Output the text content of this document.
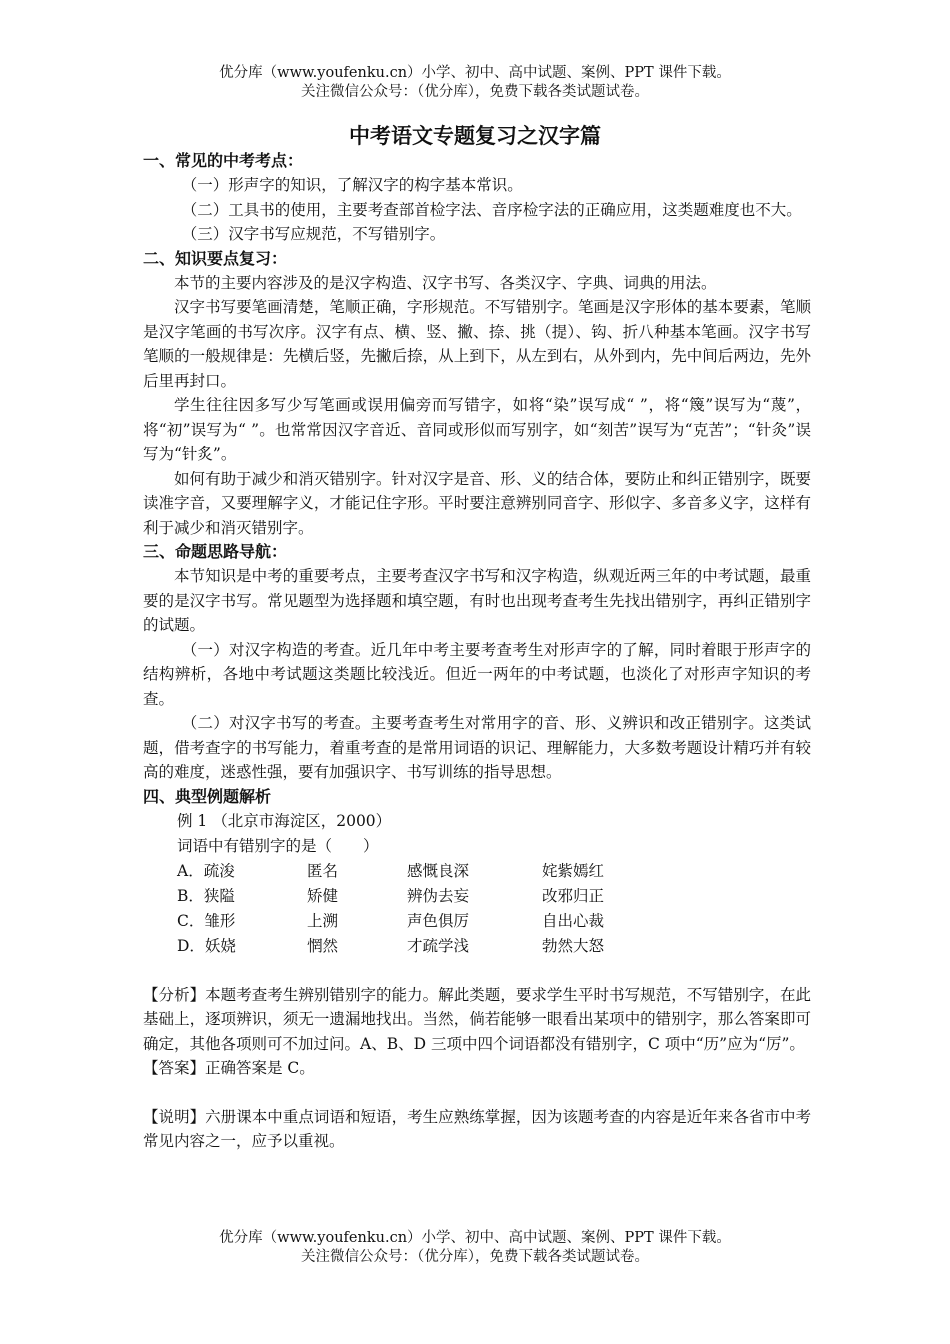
优分库（www.youfenku.cn）小学、初中、高中试题、案例、PPT 课件下载。

关注微信公众号：（优分库），免费下载各类试题试卷。

中考语文专题复习之汉字篇

一、常见的中考考点：

（一）形声字的知识，了解汉字的构字基本常识。

（二）工具书的使用，主要考查部首检字法、音序检字法的正确应用，这类题难度也不大。

（三）汉字书写应规范，不写错别字。

二、知识要点复习：

本节的主要内容涉及的是汉字构造、汉字书写、各类汉字、字典、词典的用法。

汉字书写要笔画清楚，笔顺正确，字形规范。不写错别字。笔画是汉字形体的基本要素，笔顺是汉字笔画的书写次序。汉字有点、横、竖、撇、捺、挑（提）、钩、折八种基本笔画。汉字书写笔顺的一般规律是：先横后竖，先撇后捺，从上到下，从左到右，从外到内，先中间后两边，先外后里再封口。

学生往往因多写少写笔画或误用偏旁而写错字，如将“染”误写成“ ”，将“篾”误写为“蔑”，将“初”误写为“ ”。也常常因汉字音近、音同或形似而写别字，如“刻苦”误写为“克苦”；“针灸”误写为“针炙”。

如何有助于减少和消灭错别字。针对汉字是音、形、义的结合体，要防止和纠正错别字，既要读准字音，又要理解字义，才能记住字形。平时要注意辨别同音字、形似字、多音多义字，这样有利于减少和消灭错别字。

三、命题思路导航：

本节知识是中考的重要考点，主要考查汉字书写和汉字构造，纵观近两三年的中考试题，最重要的是汉字书写。常见题型为选择题和填空题，有时也出现考查考生先找出错别字，再纠正错别字的试题。

（一）对汉字构造的考查。近几年中考主要考查考生对形声字的了解，同时着眼于形声字的结构辨析，各地中考试题这类题比较浅近。但近一两年的中考试题，也淡化了对形声字知识的考查。

（二）对汉字书写的考查。主要考查考生对常用字的音、形、义辨识和改正错别字。这类试题，借考查字的书写能力，着重考查的是常用词语的识记、理解能力，大多数考题设计精巧并有较高的难度，迷惑性强，要有加强识字、书写训练的指导思想。

四、典型例题解析

例 1 （北京市海淀区，2000）

词语中有错别字的是（　　）

A．疏浚	匿名	感慨良深	姹紫嫣红
B．狭隘	矫健	辨伪去妄	改邪归正
C．雏形	上溯	声色俱厉	自出心裁
D．妖娆	惘然	才疏学浅	勃然大怒

【分析】本题考查考生辨别错别字的能力。解此类题，要求学生平时书写规范，不写错别字，在此基础上，逐项辨识，须无一遗漏地找出。当然，倘若能够一眼看出某项中的错别字，那么答案即可确定，其他各项则可不加过问。A、B、D 三项中四个词语都没有错别字，C 项中“历”应为“厉”。

【答案】正确答案是 C。

【说明】六册课本中重点词语和短语，考生应熟练掌握，因为该题考查的内容是近年来各省市中考常见内容之一，应予以重视。

优分库（www.youfenku.cn）小学、初中、高中试题、案例、PPT 课件下载。

关注微信公众号：（优分库），免费下载各类试题试卷。
